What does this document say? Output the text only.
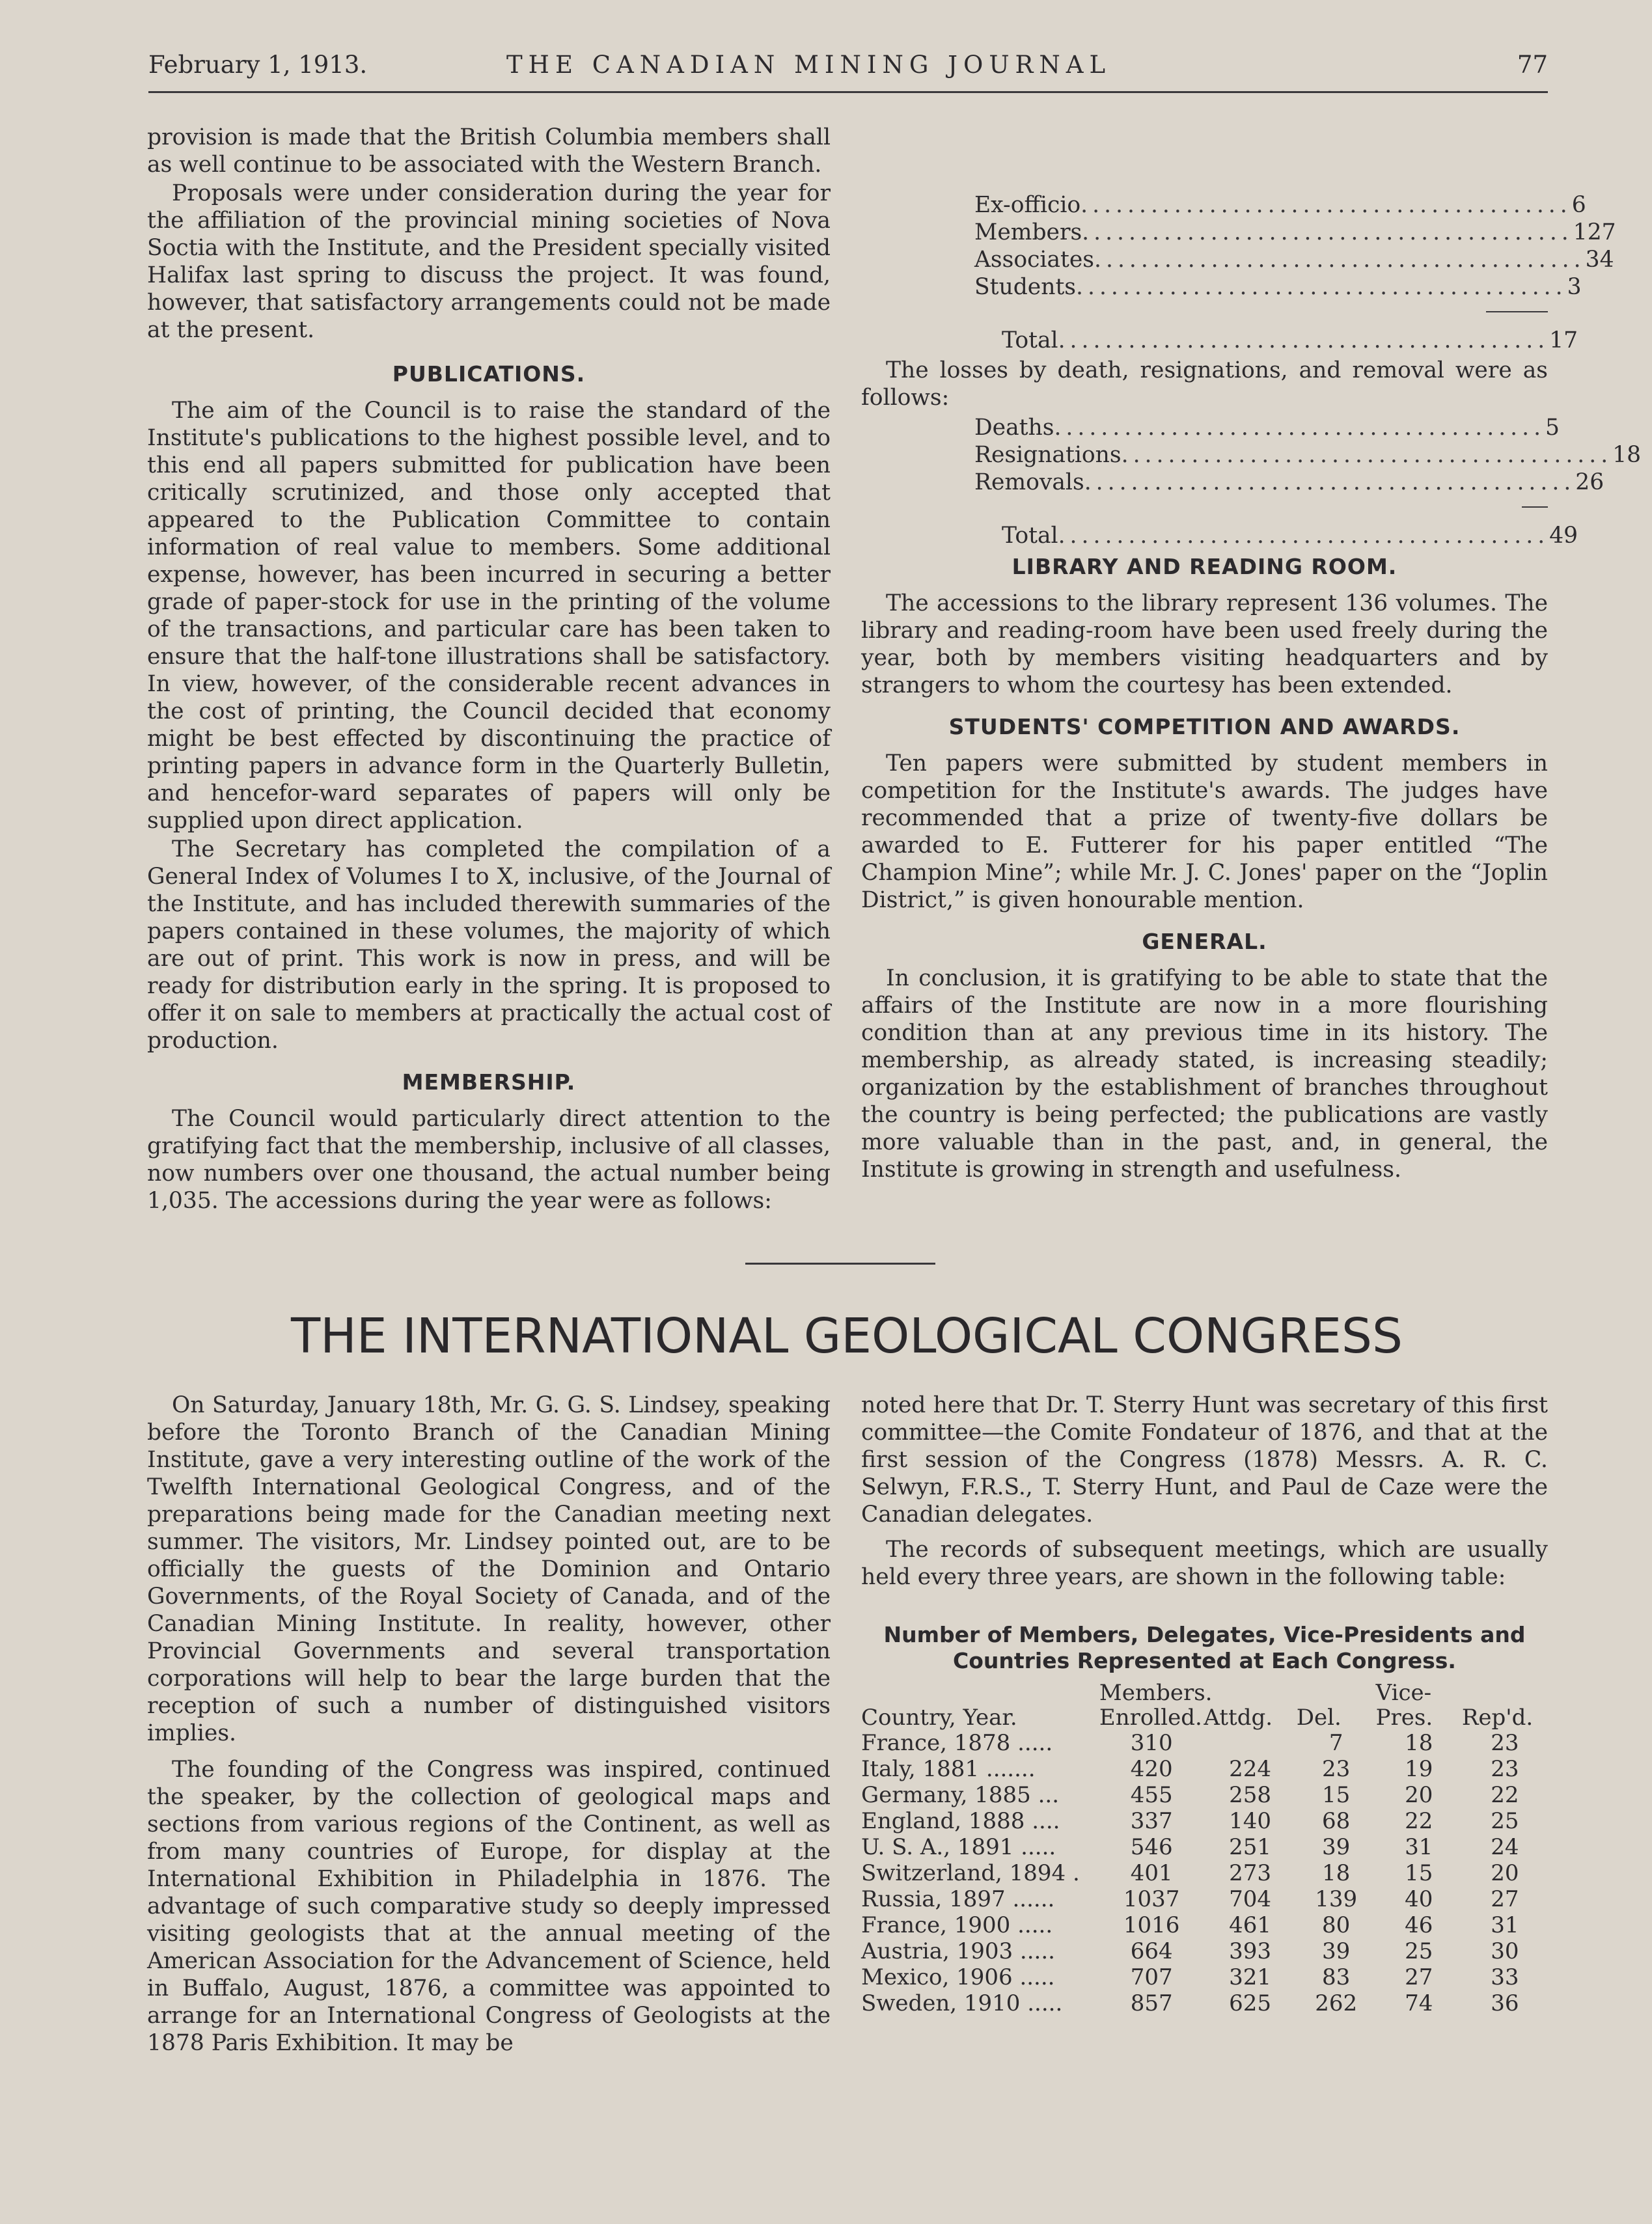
February 1, 1913.	THE CANADIAN MINING JOURNAL	77

provision is made that the British Columbia members shall as well continue to be associated with the Western Branch.

Proposals were under consideration during the year for the affiliation of the provincial mining societies of Nova Soctia with the Institute, and the President specially visited Halifax last spring to discuss the project. It was found, however, that satisfactory arrangements could not be made at the present.

PUBLICATIONS.

The aim of the Council is to raise the standard of the Institute's publications to the highest possible level, and to this end all papers submitted for publication have been critically scrutinized, and those only accepted that appeared to the Publication Committee to contain information of real value to members. Some additional expense, however, has been incurred in securing a better grade of paper-stock for use in the printing of the volume of the transactions, and particular care has been taken to ensure that the half-tone illustrations shall be satisfactory. In view, however, of the considerable recent advances in the cost of printing, the Council decided that economy might be best effected by discontinuing the practice of printing papers in advance form in the Quarterly Bulletin, and hencefor-ward separates of papers will only be supplied upon direct application.

The Secretary has completed the compilation of a General Index of Volumes I to X, inclusive, of the Journal of the Institute, and has included therewith summaries of the papers contained in these volumes, the majority of which are out of print. This work is now in press, and will be ready for distribution early in the spring. It is proposed to offer it on sale to members at practically the actual cost of production.

MEMBERSHIP.

The Council would particularly direct attention to the gratifying fact that the membership, inclusive of all classes, now numbers over one thousand, the actual number being 1,035. The accessions during the year were as follows:

Ex-officio .......................................... 6
Members .......................................... 127
Associates .......................................... 34
Students .......................................... 3
Total .......................................... 17

The losses by death, resignations, and removal were as follows:

Deaths .......................................... 5
Resignations .......................................... 18
Removals .......................................... 26
Total .......................................... 49
LIBRARY AND READING ROOM.

The accessions to the library represent 136 volumes. The library and reading-room have been used freely during the year, both by members visiting headquarters and by strangers to whom the courtesy has been extended.

STUDENTS' COMPETITION AND AWARDS.

Ten papers were submitted by student members in competition for the Institute's awards. The judges have recommended that a prize of twenty-five dollars be awarded to E. Futterer for his paper entitled “The Champion Mine”; while Mr. J. C. Jones' paper on the “Joplin District,” is given honourable mention.

GENERAL.

In conclusion, it is gratifying to be able to state that the affairs of the Institute are now in a more flourishing condition than at any previous time in its history. The membership, as already stated, is increasing steadily; organization by the establishment of branches throughout the country is being perfected; the publications are vastly more valuable than in the past, and, in general, the Institute is growing in strength and usefulness.

THE INTERNATIONAL GEOLOGICAL CONGRESS

On Saturday, January 18th, Mr. G. G. S. Lindsey, speaking before the Toronto Branch of the Canadian Mining Institute, gave a very interesting outline of the work of the Twelfth International Geological Congress, and of the preparations being made for the Canadian meeting next summer. The visitors, Mr. Lindsey pointed out, are to be officially the guests of the Dominion and Ontario Governments, of the Royal Society of Canada, and of the Canadian Mining Institute. In reality, however, other Provincial Governments and several transportation corporations will help to bear the large burden that the reception of such a number of distinguished visitors implies.

The founding of the Congress was inspired, continued the speaker, by the collection of geological maps and sections from various regions of the Continent, as well as from many countries of Europe, for display at the International Exhibition in Philadelphia in 1876. The advantage of such comparative study so deeply impressed visiting geologists that at the annual meeting of the American Association for the Advancement of Science, held in Buffalo, August, 1876, a committee was appointed to arrange for an International Congress of Geologists at the 1878 Paris Exhibition. It may be

noted here that Dr. T. Sterry Hunt was secretary of this first committee—the Comite Fondateur of 1876, and that at the first session of the Congress (1878) Messrs. A. R. C. Selwyn, F.R.S., T. Sterry Hunt, and Paul de Caze were the Canadian delegates.

The records of subsequent meetings, which are usually held every three years, are shown in the following table:

Number of Members, Delegates, Vice-Presidents and
Countries Represented at Each Congress.
	Members.			Vice-	
Country, Year.	Enrolled.	Attdg.	Del.	Pres.	Rep'd.
France, 1878 .....	310		7	18	23
Italy, 1881 .......	420	224	23	19	23
Germany, 1885 ...	455	258	15	20	22
England, 1888 ....	337	140	68	22	25
U. S. A., 1891 .....	546	251	39	31	24
Switzerland, 1894 .	401	273	18	15	20
Russia, 1897 ......	1037	704	139	40	27
France, 1900 .....	1016	461	80	46	31
Austria, 1903 .....	664	393	39	25	30
Mexico, 1906 .....	707	321	83	27	33
Sweden, 1910 .....	857	625	262	74	36
